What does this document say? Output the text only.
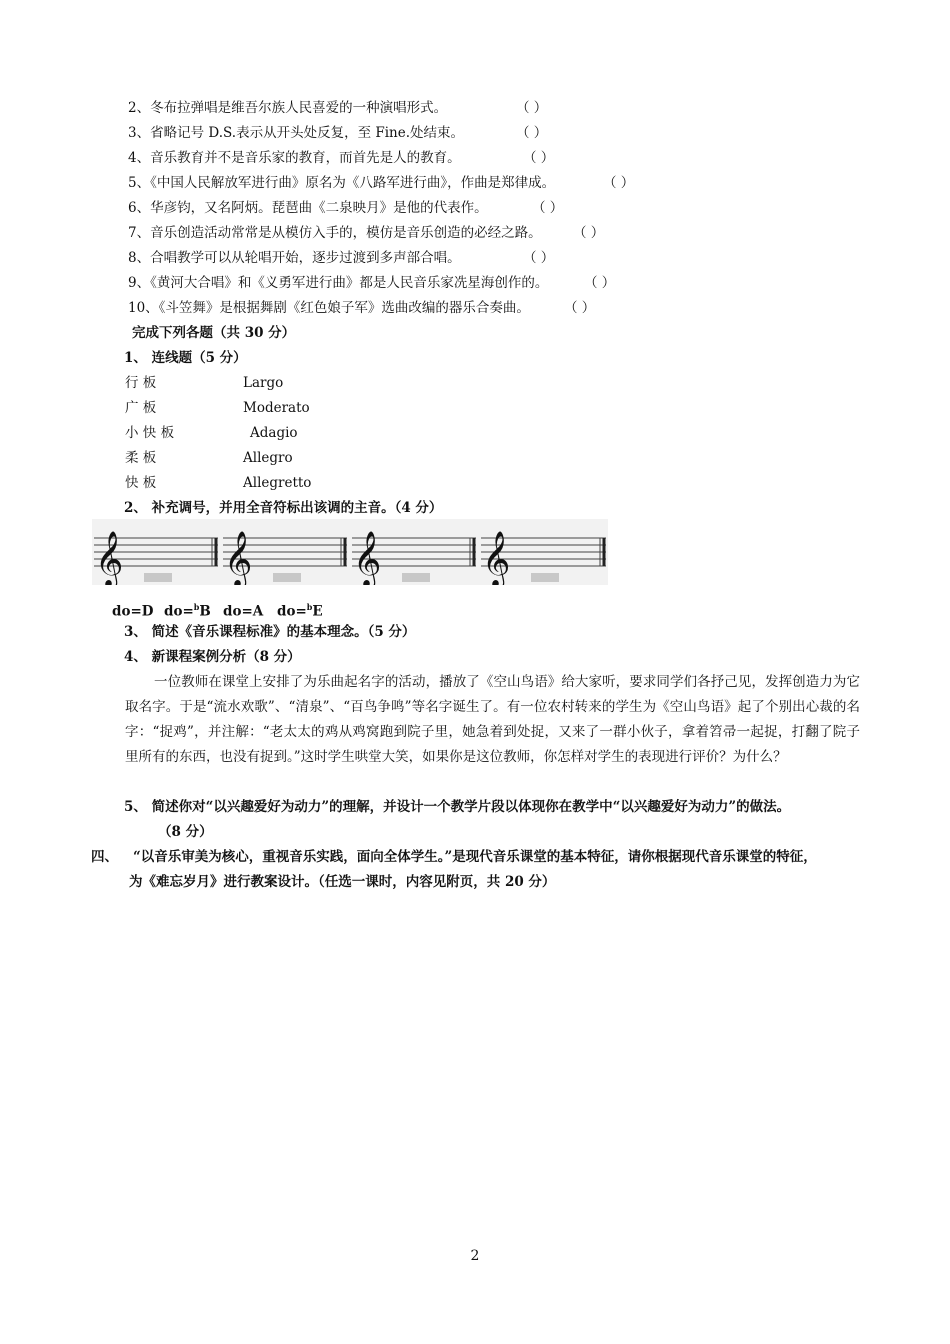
2、冬布拉弹唱是维吾尔族人民喜爱的一种演唱形式。	（ ）
3、省略记号 D.S.表示从开头处反复，至 Fine.处结束。	（ ）
4、音乐教育并不是音乐家的教育，而首先是人的教育。	（ ）
5、《中国人民解放军进行曲》原名为《八路军进行曲》，作曲是郑律成。	（ ）
6、华彦钧，又名阿炳。琵琶曲《二泉映月》是他的代表作。	（ ）
7、音乐创造活动常常是从模仿入手的，模仿是音乐创造的必经之路。 （ ）
8、合唱教学可以从轮唱开始，逐步过渡到多声部合唱。	（ ）
9、《黄河大合唱》和《义勇军进行曲》都是人民音乐家冼星海创作的。	（ ）
10、《斗笠舞》是根据舞剧《红色娘子军》选曲改编的器乐合奏曲。	（ ）
完成下列各题（共 30 分）
1、 连线题（5 分）
行 板	Largo
广 板	Moderato
小 快 板	Adagio
柔 板	Allegro
快 板	Allegretto
2、 补充调号，并用全音符标出该调的主音。（4 分）
𝄞 𝄞 𝄞 𝄞
do=D do=$^b$B do=A do=$^b$E
3、 简述《音乐课程标准》的基本理念。（5 分）
4、 新课程案例分析（8 分）
一位教师在课堂上安排了为乐曲起名字的活动，播放了《空山鸟语》给大家听，要求同学们各抒己见，发挥创造力为它取名字。于是“流水欢歌”、“清泉”、“百鸟争鸣”等名字诞生了。有一位农村转来的学生为《空山鸟语》起了个别出心裁的名字：“捉鸡”，并注解：“老太太的鸡从鸡窝跑到院子里，她急着到处捉，又来了一群小伙子，拿着笤帚一起捉，打翻了院子里所有的东西，也没有捉到。”这时学生哄堂大笑，如果你是这位教师，你怎样对学生的表现进行评价？为什么？
5、 简述你对“以兴趣爱好为动力”的理解，并设计一个教学片段以体现你在教学中“以兴趣爱好为动力”的做法。
（8 分）
四、 “以音乐审美为核心，重视音乐实践，面向全体学生。”是现代音乐课堂的基本特征，请你根据现代音乐课堂的特征，
为《难忘岁月》进行教案设计。（任选一课时，内容见附页，共 20 分）
2
